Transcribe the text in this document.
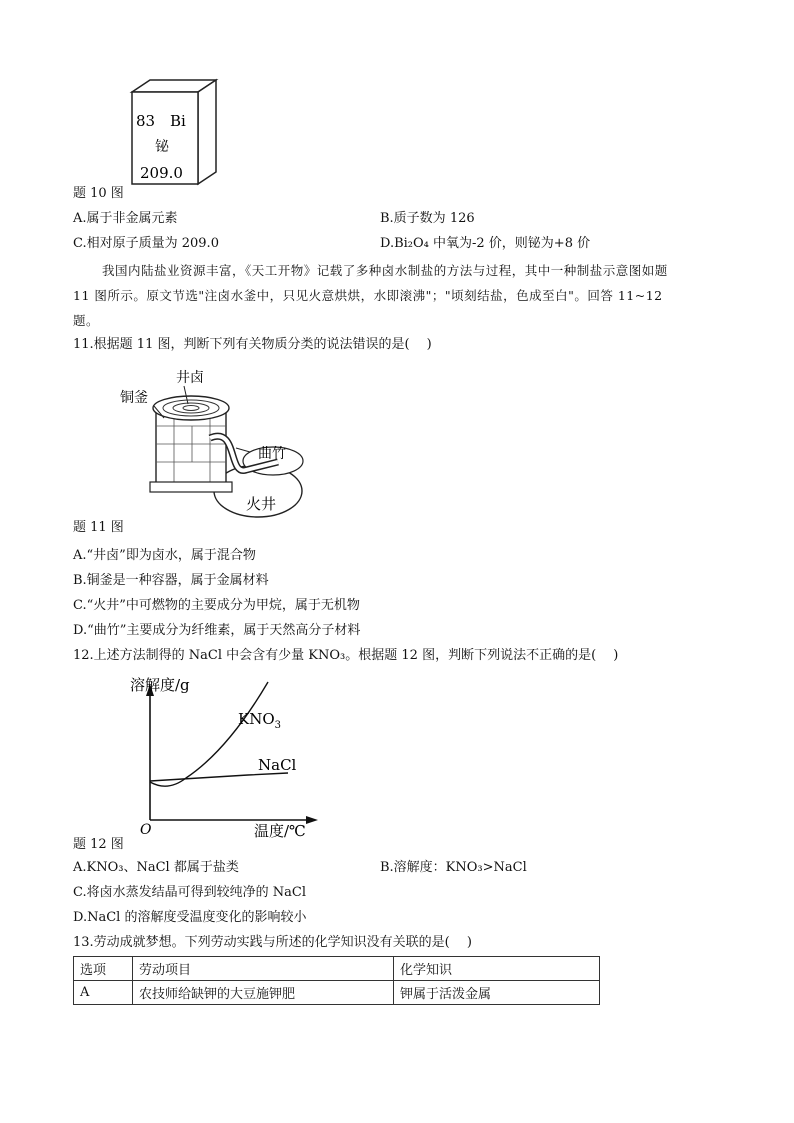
83 Bi
铋
209.0
题 10 图
A.属于非金属元素	B.质子数为 126
C.相对原子质量为 209.0	D.Bi₂O₄ 中氧为-2 价，则铋为+8 价
我国内陆盐业资源丰富，《天工开物》记载了多种卤水制盐的方法与过程，其中一种制盐示意图如题
11 图所示。原文节选"注卤水釜中，只见火意烘烘，水即滚沸"；"顷刻结盐，色成至白"。回答 11~12
题。
11.根据题 11 图，判断下列有关物质分类的说法错误的是(　 )
井卤
铜釜
曲竹
火井
题 11 图
A.“井卤”即为卤水，属于混合物
B.铜釜是一种容器，属于金属材料
C.“火井”中可燃物的主要成分为甲烷，属于无机物
D.“曲竹”主要成分为纤维素，属于天然高分子材料
12.上述方法制得的 NaCl 中会含有少量 KNO₃。根据题 12 图，判断下列说法不正确的是(　 )
溶解度/g
温度/℃
O
$KNO_3$
NaCl
题 12 图
A.KNO₃、NaCl 都属于盐类	B.溶解度：KNO₃>NaCl
C.将卤水蒸发结晶可得到较纯净的 NaCl
D.NaCl 的溶解度受温度变化的影响较小
13.劳动成就梦想。下列劳动实践与所述的化学知识没有关联的是(　 )
选项	劳动项目	化学知识
A	农技师给缺钾的大豆施钾肥	钾属于活泼金属
